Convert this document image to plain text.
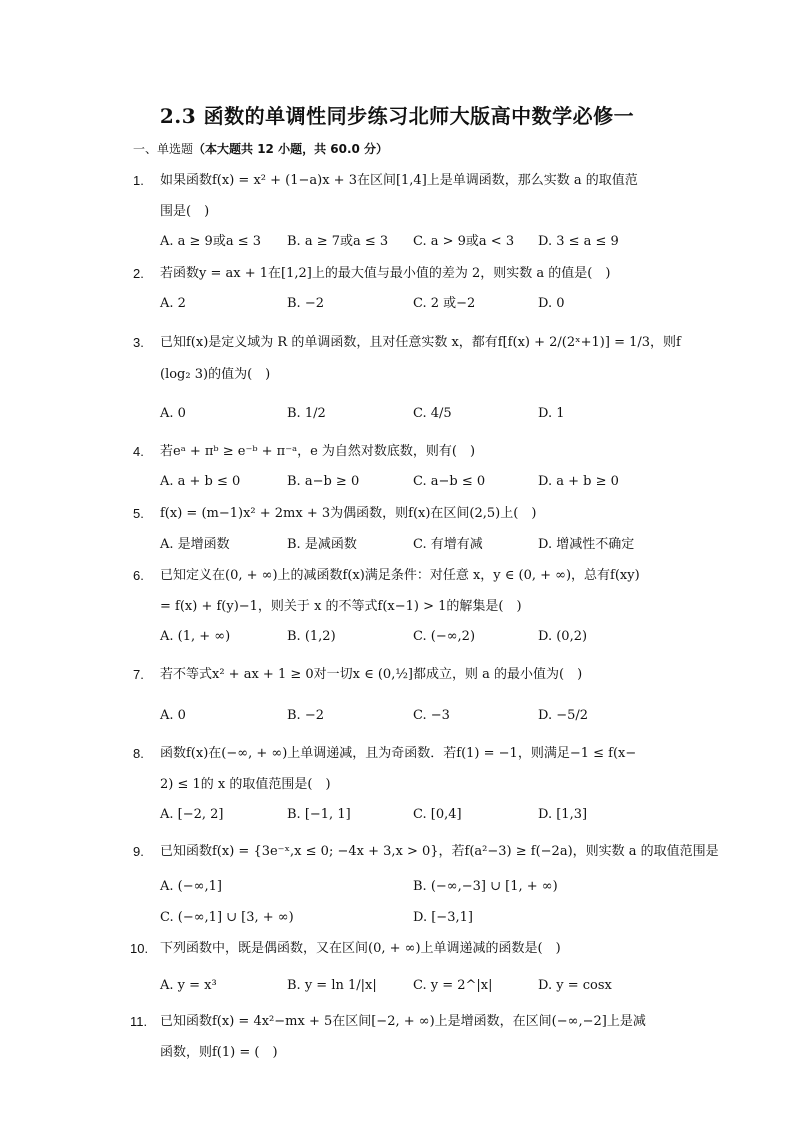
2.3 函数的单调性同步练习北师大版高中数学必修一
一、单选题（本大题共 12 小题，共 60.0 分）
1. 如果函数f(x) = x² + (1−a)x + 3在区间[1,4]上是单调函数，那么实数 a 的取值范
围是(　)
A. a ≥ 9或a ≤ 3 B. a ≥ 7或a ≤ 3 C. a > 9或a < 3 D. 3 ≤ a ≤ 9
2. 若函数y = ax + 1在[1,2]上的最大值与最小值的差为 2，则实数 a 的值是(　)
A. 2	B. −2	C. 2 或−2	D. 0
3. 已知f(x)是定义域为 R 的单调函数，且对任意实数 x，都有f[f(x) + 2/(2ˣ+1)] = 1/3，则f
(log₂ 3)的值为(　)
A. 0	B. 1/2	C. 4/5	D. 1
4. 若eᵃ + πᵇ ≥ e⁻ᵇ + π⁻ᵃ，e 为自然对数底数，则有(　)
A. a + b ≤ 0	B. a−b ≥ 0	C. a−b ≤ 0	D. a + b ≥ 0
5. f(x) = (m−1)x² + 2mx + 3为偶函数，则f(x)在区间(2,5)上(　)
A. 是增函数	B. 是减函数	C. 有增有减	D. 增减性不确定
6. 已知定义在(0, + ∞)上的减函数f(x)满足条件：对任意 x，y ∈ (0, + ∞)，总有f(xy)
= f(x) + f(y)−1，则关于 x 的不等式f(x−1) > 1的解集是(　)
A. (1, + ∞)	B. (1,2)	C. (−∞,2)	D. (0,2)
7. 若不等式x² + ax + 1 ≥ 0对一切x ∈ (0,½]都成立，则 a 的最小值为(　)
A. 0	B. −2	C. −3	D. −5/2
8. 函数f(x)在(−∞, + ∞)上单调递减，且为奇函数．若f(1) = −1，则满足−1 ≤ f(x−
2) ≤ 1的 x 的取值范围是(　)
A. [−2, 2]	B. [−1, 1]	C. [0,4]	D. [1,3]
9. 已知函数f(x) = {3e⁻ˣ,x ≤ 0; −4x + 3,x > 0}，若f(a²−3) ≥ f(−2a)，则实数 a 的取值范围是
A. (−∞,1]	B. (−∞,−3] ∪ [1, + ∞)
C. (−∞,1] ∪ [3, + ∞)	D. [−3,1]
10. 下列函数中，既是偶函数，又在区间(0, + ∞)上单调递减的函数是(　)
A. y = x³	B. y = ln 1/|x|	C. y = 2^|x|	D. y = cosx
11. 已知函数f(x) = 4x²−mx + 5在区间[−2, + ∞)上是增函数，在区间(−∞,−2]上是减
函数，则f(1) = (　)
